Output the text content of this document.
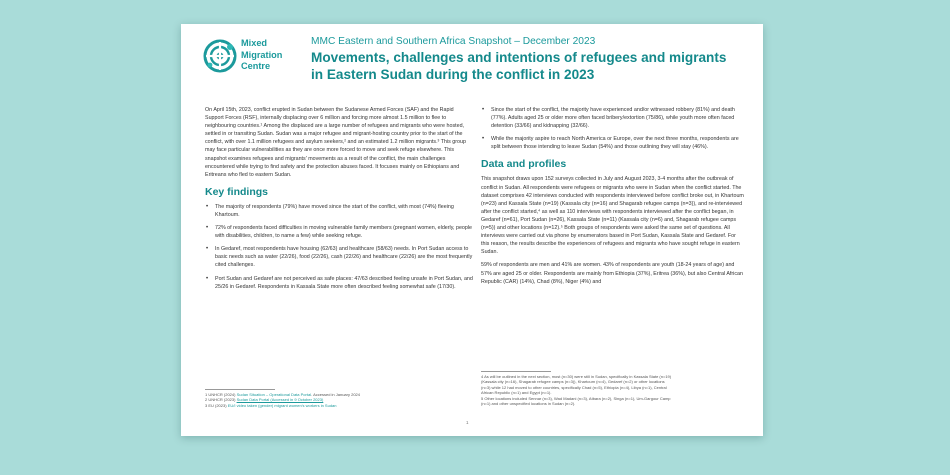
Mixed
Migration
Centre
MMC Eastern and Southern Africa Snapshot – December 2023
Movements, challenges and intentions of refugees and migrants in Eastern Sudan during the conflict in 2023

On April 15th, 2023, conflict erupted in Sudan between the Sudanese Armed Forces (SAF) and the Rapid Support Forces (RSF), internally displacing over 6 million and forcing more almost 1.5 million to flee to neighbouring countries.¹ Among the displaced are a large number of refugees and migrants who were hosted, settled in or transiting Sudan. Sudan was a major refugee and migrant-hosting country prior to the start of the conflict, with over 1.1 million refugees and asylum seekers,² and an estimated 1.2 million migrants.³ This group may face particular vulnerabilities as they are once more forced to move and seek refuge elsewhere. This snapshot examines refugees and migrants' movements as a result of the conflict, the main challenges encountered while trying to find safety and the protection abuses faced. It focuses mainly on Ethiopians and Eritreans who fled to eastern Sudan.

Key findings
• The majority of respondents (79%) have moved since the start of the conflict, with most (74%) fleeing Khartoum.
• 72% of respondents faced difficulties in moving vulnerable family members (pregnant women, elderly, people with disabilities, children, to name a few) while seeking refuge.
• In Gedaref, most respondents have housing (62/63) and healthcare (58/63) needs. In Port Sudan access to basic needs such as water (22/26), food (22/26), cash (22/26) and healthcare (22/26) are the most frequently cited challenges.
• Port Sudan and Gedaref are not perceived as safe places: 47/63 described feeling unsafe in Port Sudan, and 25/26 in Gedaref. Respondents in Kassala State more often described feeling somewhat safe (17/30).
• Since the start of the conflict, the majority have experienced and/or witnessed robbery (81%) and death (77%). Adults aged 25 or older more often faced bribery/extortion (75/86), while youth more often faced detention (33/66) and kidnapping (32/66).
• While the majority aspire to reach North America or Europe, over the next three months, respondents are split between those intending to leave Sudan (54%) and those outlining they will stay (46%).
Data and profiles

This snapshot draws upon 152 surveys collected in July and August 2023, 3-4 months after the outbreak of conflict in Sudan. All respondents were refugees or migrants who were in Sudan when the conflict started. The dataset comprises 42 interviews conducted with respondents interviewed before conflict broke out, in Khartoum (n=23) and Kassala State (n=19) (Kassala city (n=16) and Shagarab refugee camps (n=3)), and re-interviewed after the conflict started,⁴ as well as 110 interviews with respondents interviewed after the conflict began, in Gedaref (n=61), Port Sudan (n=26), Kassala State (n=11) (Kassala city (n=6) and, Shagarab refugee camps (n=5)) and other locations (n=12).⁵ Both groups of respondents were asked the same set of questions. All interviews were carried out via phone by enumerators based in Port Sudan, Kassala State and Gedaref. For this reason, the results describe the experiences of refugees and migrants who have sought refuge in eastern Sudan.

59% of respondents are men and 41% are women. 43% of respondents are youth (18-24 years of age) and 57% are aged 25 or older. Respondents are mainly from Ethiopia (37%), Eritrea (36%), but also Central African Republic (CAR) (14%), Chad (8%), Niger (4%) and

1 UNHCR (2024) Sudan Situation – Operational Data Portal. Accessed in January 2024
2 UNHCR (2023) Sudan Data Portal (Accessed in 9 October 2023)
3 EU (2023) EU/I video taken (gender) migrant women's workers in Sudan
4 As will be outlined in the next section, most (n=30) were still in Sudan, specifically in Kassala State (n=19)
(Kassala city (n=16), Shagarab refugee camps (n=3)), Khartoum (n=4), Gedaref (n=2) or other locations
(n=3) while 12 had moved to other countries, specifically Chad (n=5), Ethiopia (n=4), Libya (n=1), Central
African Republic (n=1) and Egypt (n=1).
5 Other locations included Sennar (n=3), Wad Madani (n=3), Atbara (n=2), Singa (n=1), Um-Gargour Camp
(n=1) and other unspecified locations in Sudan (n=2).
1
